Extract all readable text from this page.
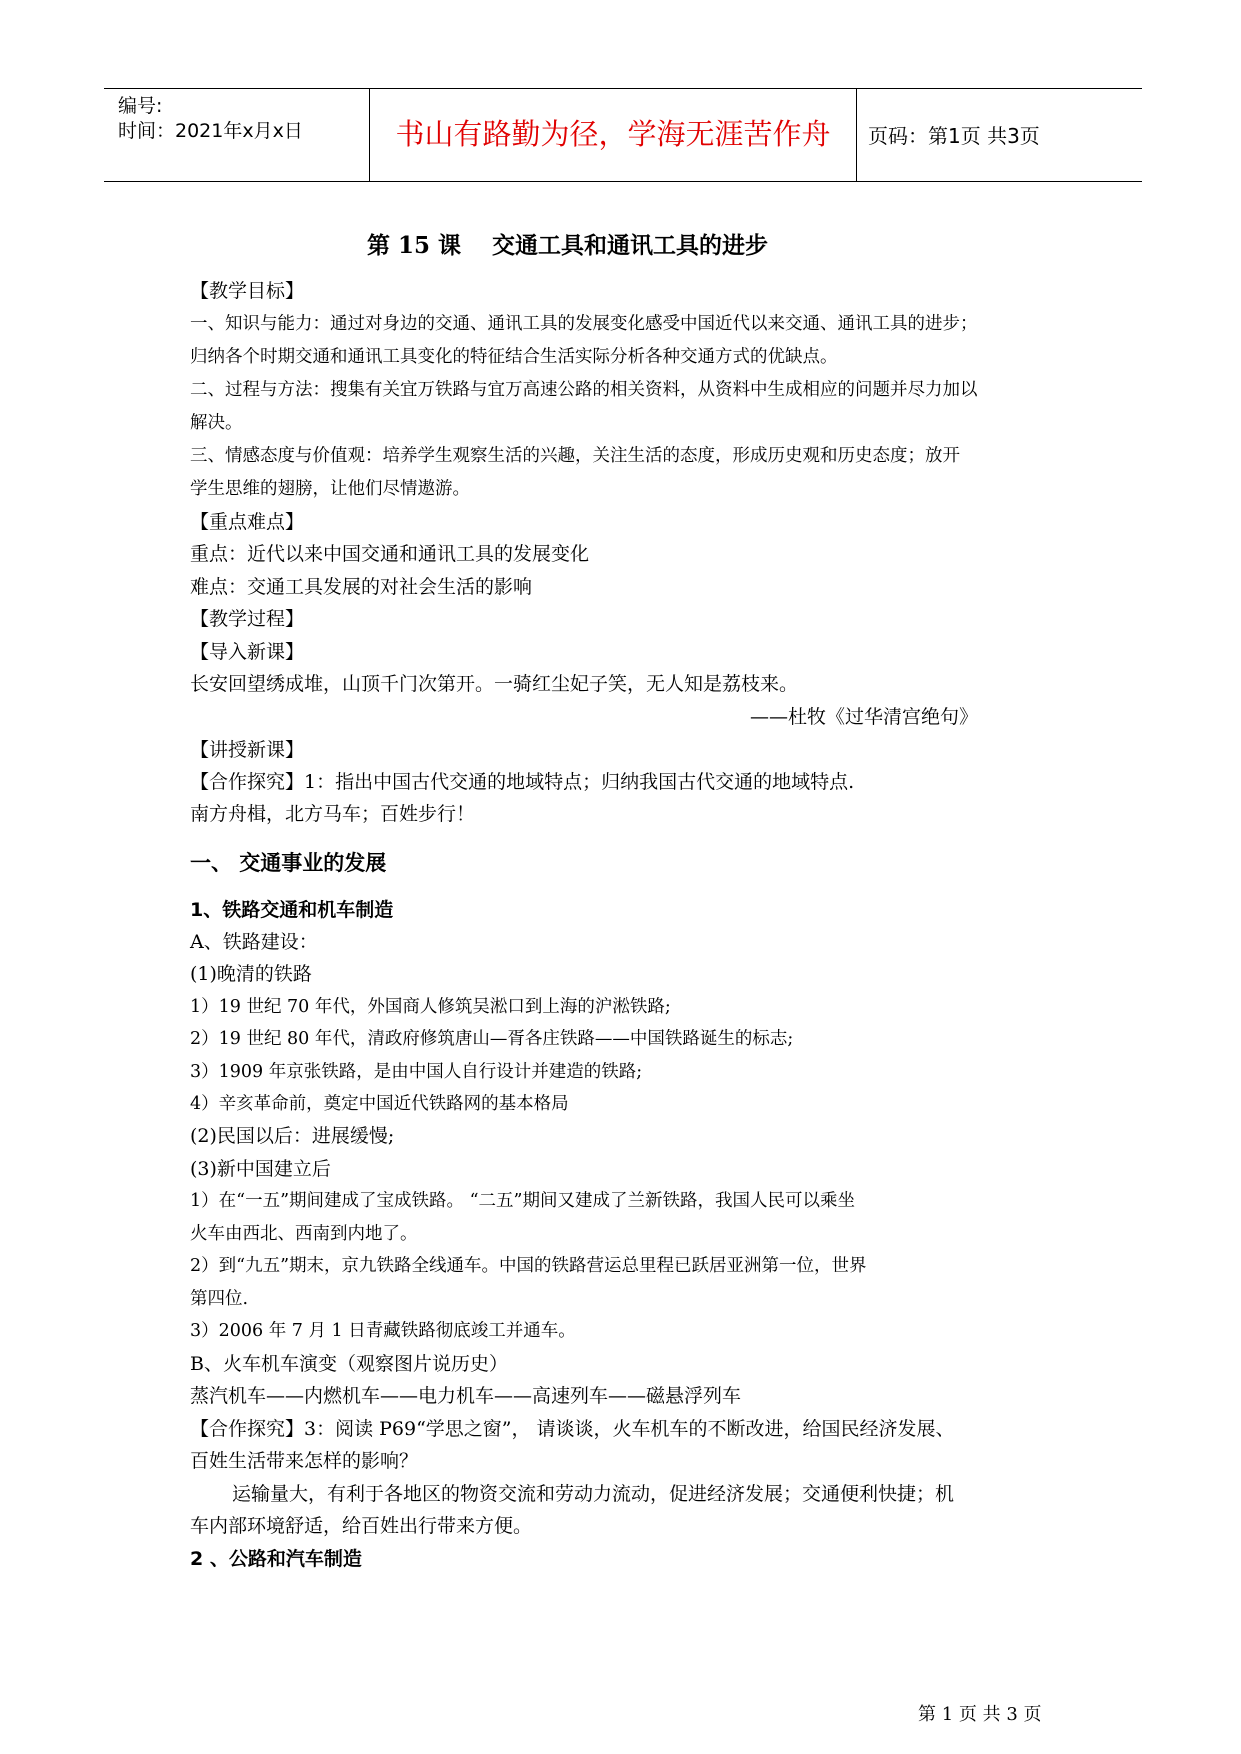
编号:
时间：2021年x月x日	书山有路勤为径，学海无涯苦作舟	页码：第1页 共3页
第 15 课　 交通工具和通讯工具的进步
【教学目标】
一、知识与能力：通过对身边的交通、通讯工具的发展变化感受中国近代以来交通、通讯工具的进步；
归纳各个时期交通和通讯工具变化的特征结合生活实际分析各种交通方式的优缺点。
二、过程与方法：搜集有关宜万铁路与宜万高速公路的相关资料，从资料中生成相应的问题并尽力加以
解决。
三、情感态度与价值观：培养学生观察生活的兴趣，关注生活的态度，形成历史观和历史态度；放开
学生思维的翅膀，让他们尽情遨游。
【重点难点】
重点：近代以来中国交通和通讯工具的发展变化
难点：交通工具发展的对社会生活的影响
【教学过程】
【导入新课】
长安回望绣成堆，山顶千门次第开。一骑红尘妃子笑，无人知是荔枝来。
——杜牧《过华清宫绝句》
【讲授新课】
【合作探究】1：指出中国古代交通的地域特点；归纳我国古代交通的地域特点.
南方舟楫，北方马车；百姓步行！
一、 交通事业的发展
1、铁路交通和机车制造
A、铁路建设：
(1)晚清的铁路
1）19 世纪 70 年代，外国商人修筑吴淞口到上海的沪淞铁路;
2）19 世纪 80 年代，清政府修筑唐山—胥各庄铁路——中国铁路诞生的标志;
3）1909 年京张铁路，是由中国人自行设计并建造的铁路;
4）辛亥革命前，奠定中国近代铁路网的基本格局
(2)民国以后：进展缓慢;
(3)新中国建立后
1）在“一五”期间建成了宝成铁路。 “二五”期间又建成了兰新铁路，我国人民可以乘坐
火车由西北、西南到内地了。
2）到“九五”期末，京九铁路全线通车。中国的铁路营运总里程已跃居亚洲第一位，世界
第四位.
3）2006 年 7 月 1 日青藏铁路彻底竣工并通车。
B、火车机车演变（观察图片说历史）
蒸汽机车——内燃机车——电力机车——高速列车——磁悬浮列车
【合作探究】3：阅读 P69“学思之窗”， 请谈谈，火车机车的不断改进，给国民经济发展、
百姓生活带来怎样的影响？
运输量大，有利于各地区的物资交流和劳动力流动，促进经济发展；交通便利快捷；机
车内部环境舒适，给百姓出行带来方便。
2 、公路和汽车制造
第 1 页 共 3 页
